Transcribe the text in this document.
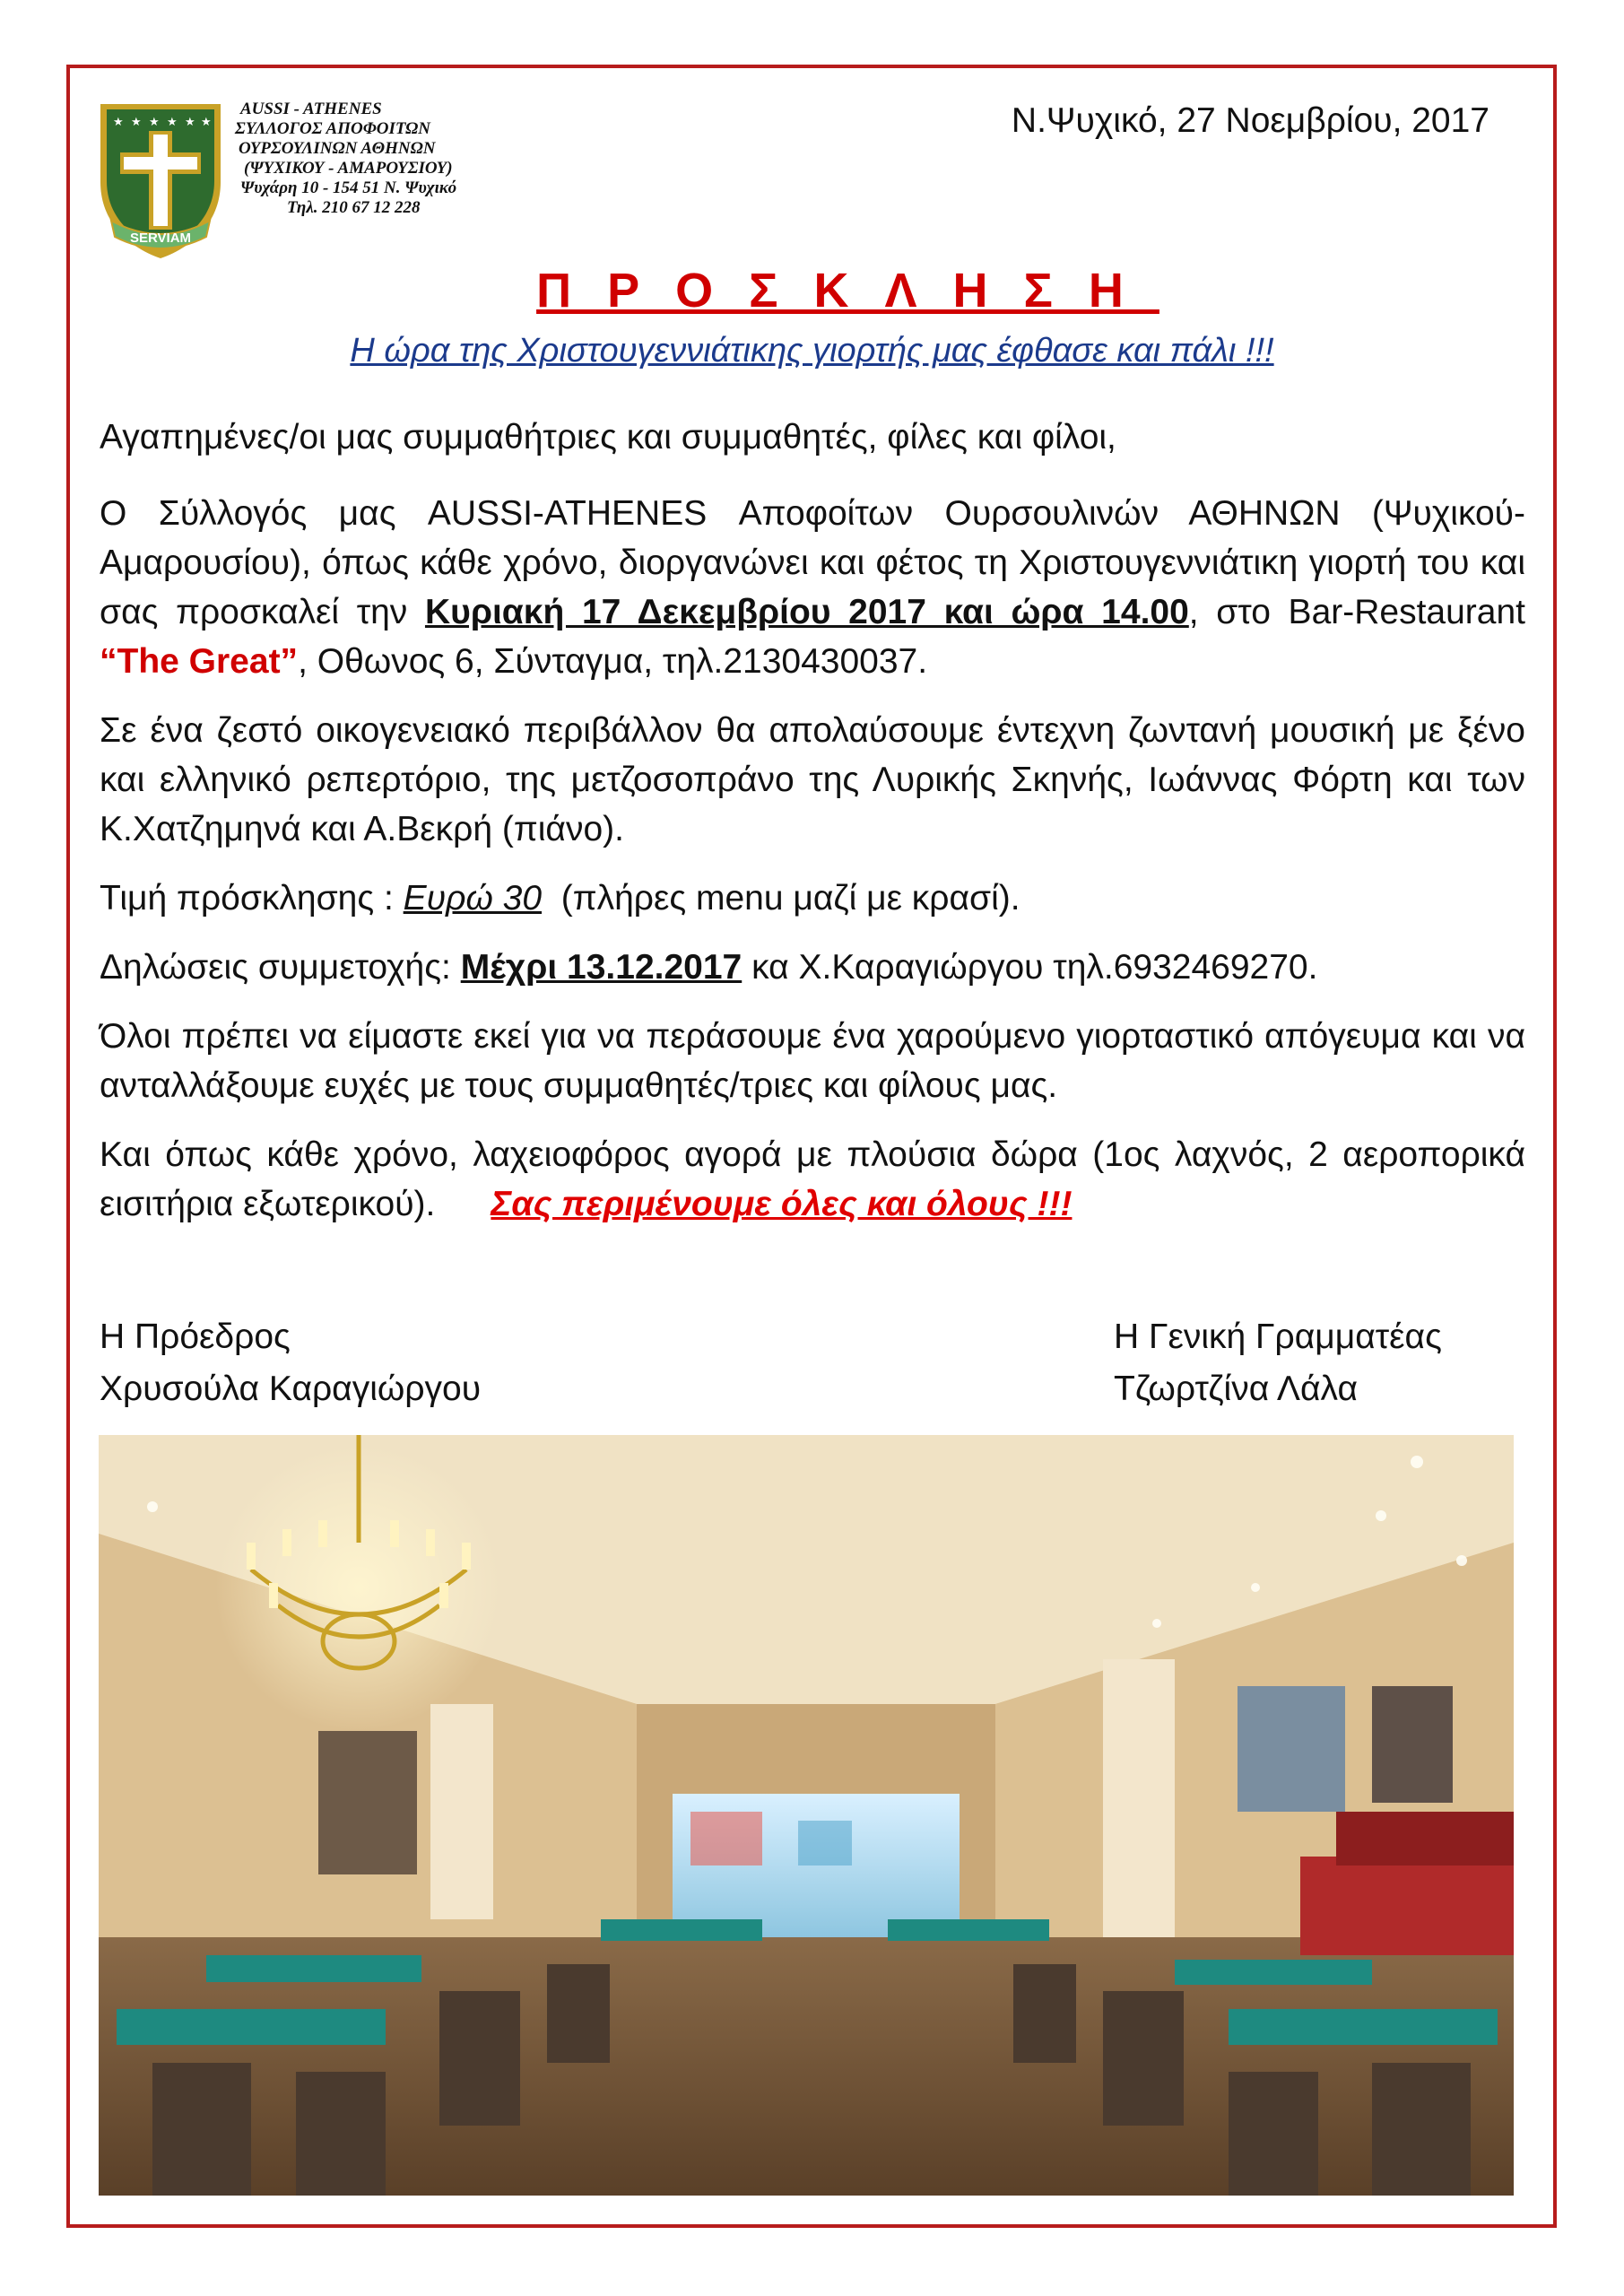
★ ★ ★ ★ ★ ★
SERVIAM
AUSSI - ATHENES
ΣΥΛΛΟΓΟΣ ΑΠΟΦΟΙΤΩΝ
ΟΥΡΣΟΥΛΙΝΩΝ ΑΘΗΝΩΝ
(ΨΥΧΙΚΟΥ - ΑΜΑΡΟΥΣΙΟΥ)
Ψυχάρη 10 - 154 51 Ν. Ψυχικό
Τηλ. 210 67 12 228
Ν.Ψυχικό, 27 Νοεμβρίου, 2017
ΠΡΟΣΚΛΗΣΗ
Η ώρα της Χριστουγεννιάτικης γιορτής μας έφθασε και πάλι !!!

Αγαπημένες/οι μας συμμαθήτριες και συμμαθητές, φίλες και φίλοι,

Ο Σύλλογός μας AUSSI-ATHENES Αποφοίτων Ουρσουλινών ΑΘΗΝΩΝ (Ψυχικού-Αμαρουσίου), όπως κάθε χρόνο, διοργανώνει και φέτος τη Χριστουγεννιάτικη γιορτή του και σας προσκαλεί την Κυριακή 17 Δεκεμβρίου 2017 και ώρα 14.00, στο Bar-Restaurant “The Great”, Οθωνος 6, Σύνταγμα, τηλ.2130430037.

Σε ένα ζεστό οικογενειακό περιβάλλον θα απολαύσουμε έντεχνη ζωντανή μουσική με ξένο και ελληνικό ρεπερτόριο, της μετζοσοπράνο της Λυρικής Σκηνής, Ιωάννας Φόρτη και των Κ.Χατζημηνά και Α.Βεκρή (πιάνο).

Τιμή πρόσκλησης : Ευρώ 30  (πλήρες menu μαζί με κρασί).

Δηλώσεις συμμετοχής: Μέχρι 13.12.2017 κα Χ.Καραγιώργου τηλ.6932469270.

Όλοι πρέπει να είμαστε εκεί για να περάσουμε ένα χαρούμενο γιορταστικό απόγευμα και να ανταλλάξουμε ευχές με τους συμμαθητές/τριες και φίλους μας.

Και όπως κάθε χρόνο, λαχειοφόρος αγορά με πλούσια δώρα (1ος λαχνός, 2 αεροπορικά εισιτήρια εξωτερικού). Σας περιμένουμε όλες και όλους !!!

Η Πρόεδρος
Χρυσούλα Καραγιώργου
Η Γενική Γραμματέας
Τζωρτζίνα Λάλα
